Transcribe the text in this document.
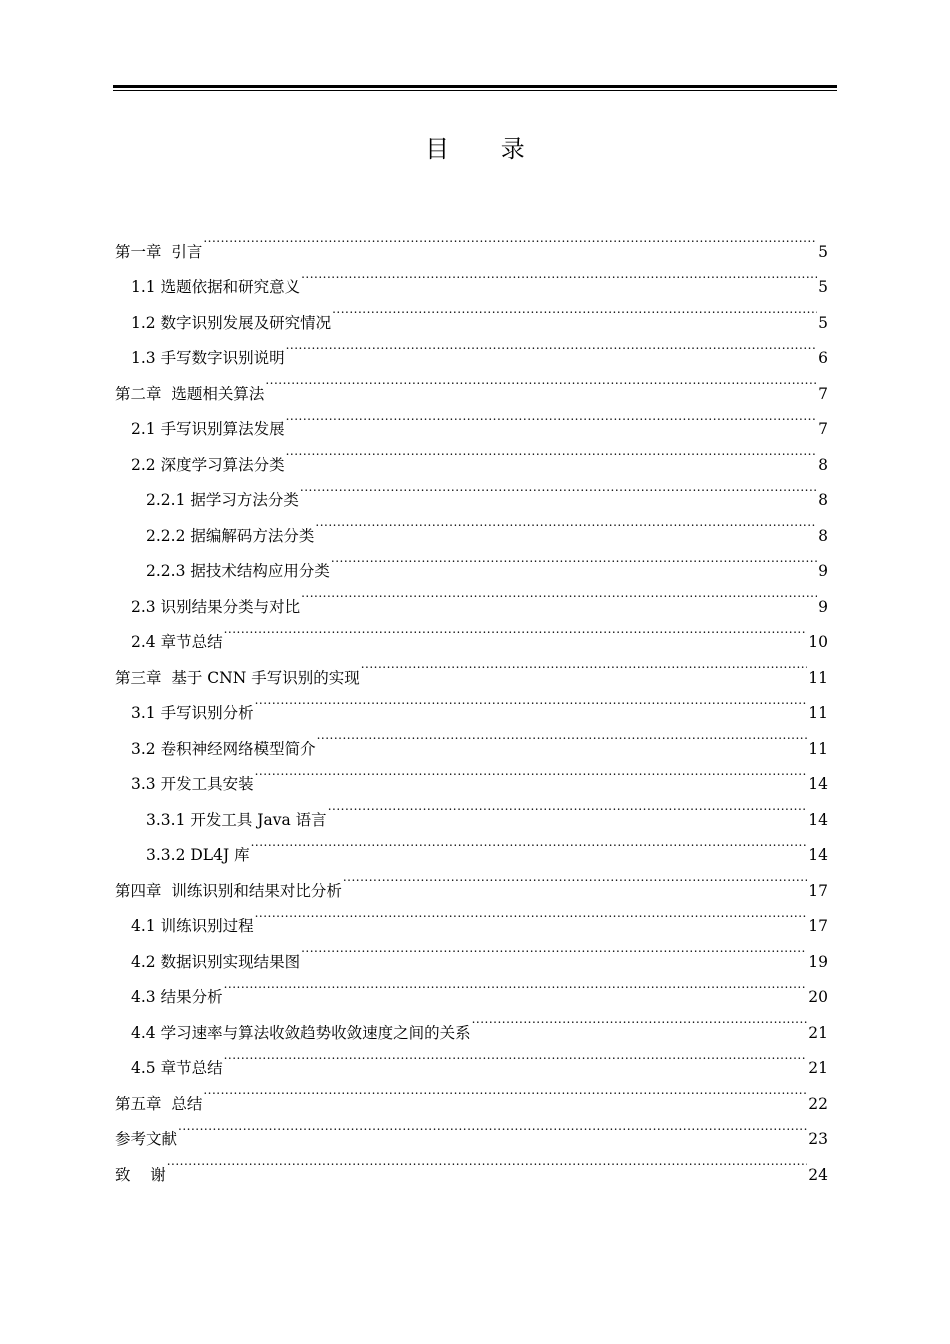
目 录
第一章  引言 .....	5
1.1 选题依据和研究意义 .....	5
1.2 数字识别发展及研究情况 .....	5
1.3 手写数字识别说明 .....	6
第二章  选题相关算法 .....	7
2.1 手写识别算法发展 .....	7
2.2 深度学习算法分类 .....	8
2.2.1 据学习方法分类 .....	8
2.2.2 据编解码方法分类 .....	8
2.2.3 据技术结构应用分类 .....	9
2.3 识别结果分类与对比 .....	9
2.4 章节总结 .....	10
第三章  基于 CNN 手写识别的实现 .....	11
3.1 手写识别分析 .....	11
3.2 卷积神经网络模型简介 .....	11
3.3 开发工具安装 .....	14
3.3.1 开发工具 Java 语言 .....	14
3.3.2 DL4J 库 .....	14
第四章  训练识别和结果对比分析 .....	17
4.1 训练识别过程 .....	17
4.2 数据识别实现结果图 .....	19
4.3 结果分析 .....	20
4.4 学习速率与算法收敛趋势收敛速度之间的关系 .....	21
4.5 章节总结 .....	21
第五章  总结 .....	22
参考文献 .....	23
致    谢 .....	24
